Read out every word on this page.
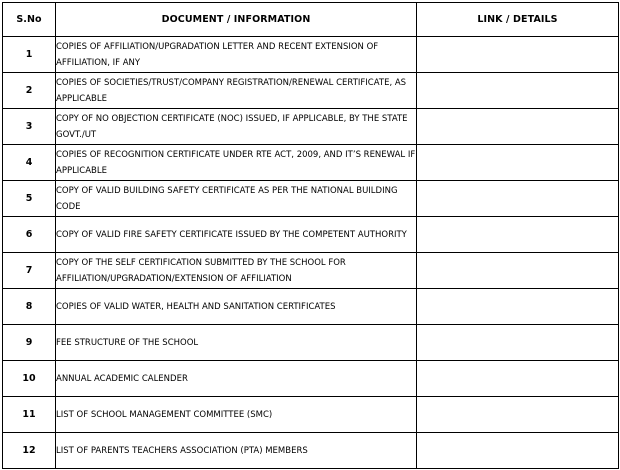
S.No	DOCUMENT / INFORMATION	LINK / DETAILS
1	COPIES OF AFFILIATION/UPGRADATION LETTER AND RECENT EXTENSION OF AFFILIATION, IF ANY	
2	COPIES OF SOCIETIES/TRUST/COMPANY REGISTRATION/RENEWAL CERTIFICATE, AS APPLICABLE	
3	COPY OF NO OBJECTION CERTIFICATE (NOC) ISSUED, IF APPLICABLE, BY THE STATE GOVT./UT	
4	COPIES OF RECOGNITION CERTIFICATE UNDER RTE ACT, 2009, AND IT’S RENEWAL IF APPLICABLE	
5	COPY OF VALID BUILDING SAFETY CERTIFICATE AS PER THE NATIONAL BUILDING CODE	
6	COPY OF VALID FIRE SAFETY CERTIFICATE ISSUED BY THE COMPETENT AUTHORITY	
7	COPY OF THE SELF CERTIFICATION SUBMITTED BY THE SCHOOL FOR AFFILIATION/UPGRADATION/EXTENSION OF AFFILIATION	
8	COPIES OF VALID WATER, HEALTH AND SANITATION CERTIFICATES	
9	FEE STRUCTURE OF THE SCHOOL	
10	ANNUAL ACADEMIC CALENDER	
11	LIST OF SCHOOL MANAGEMENT COMMITTEE (SMC)	
12	LIST OF PARENTS TEACHERS ASSOCIATION (PTA) MEMBERS	
